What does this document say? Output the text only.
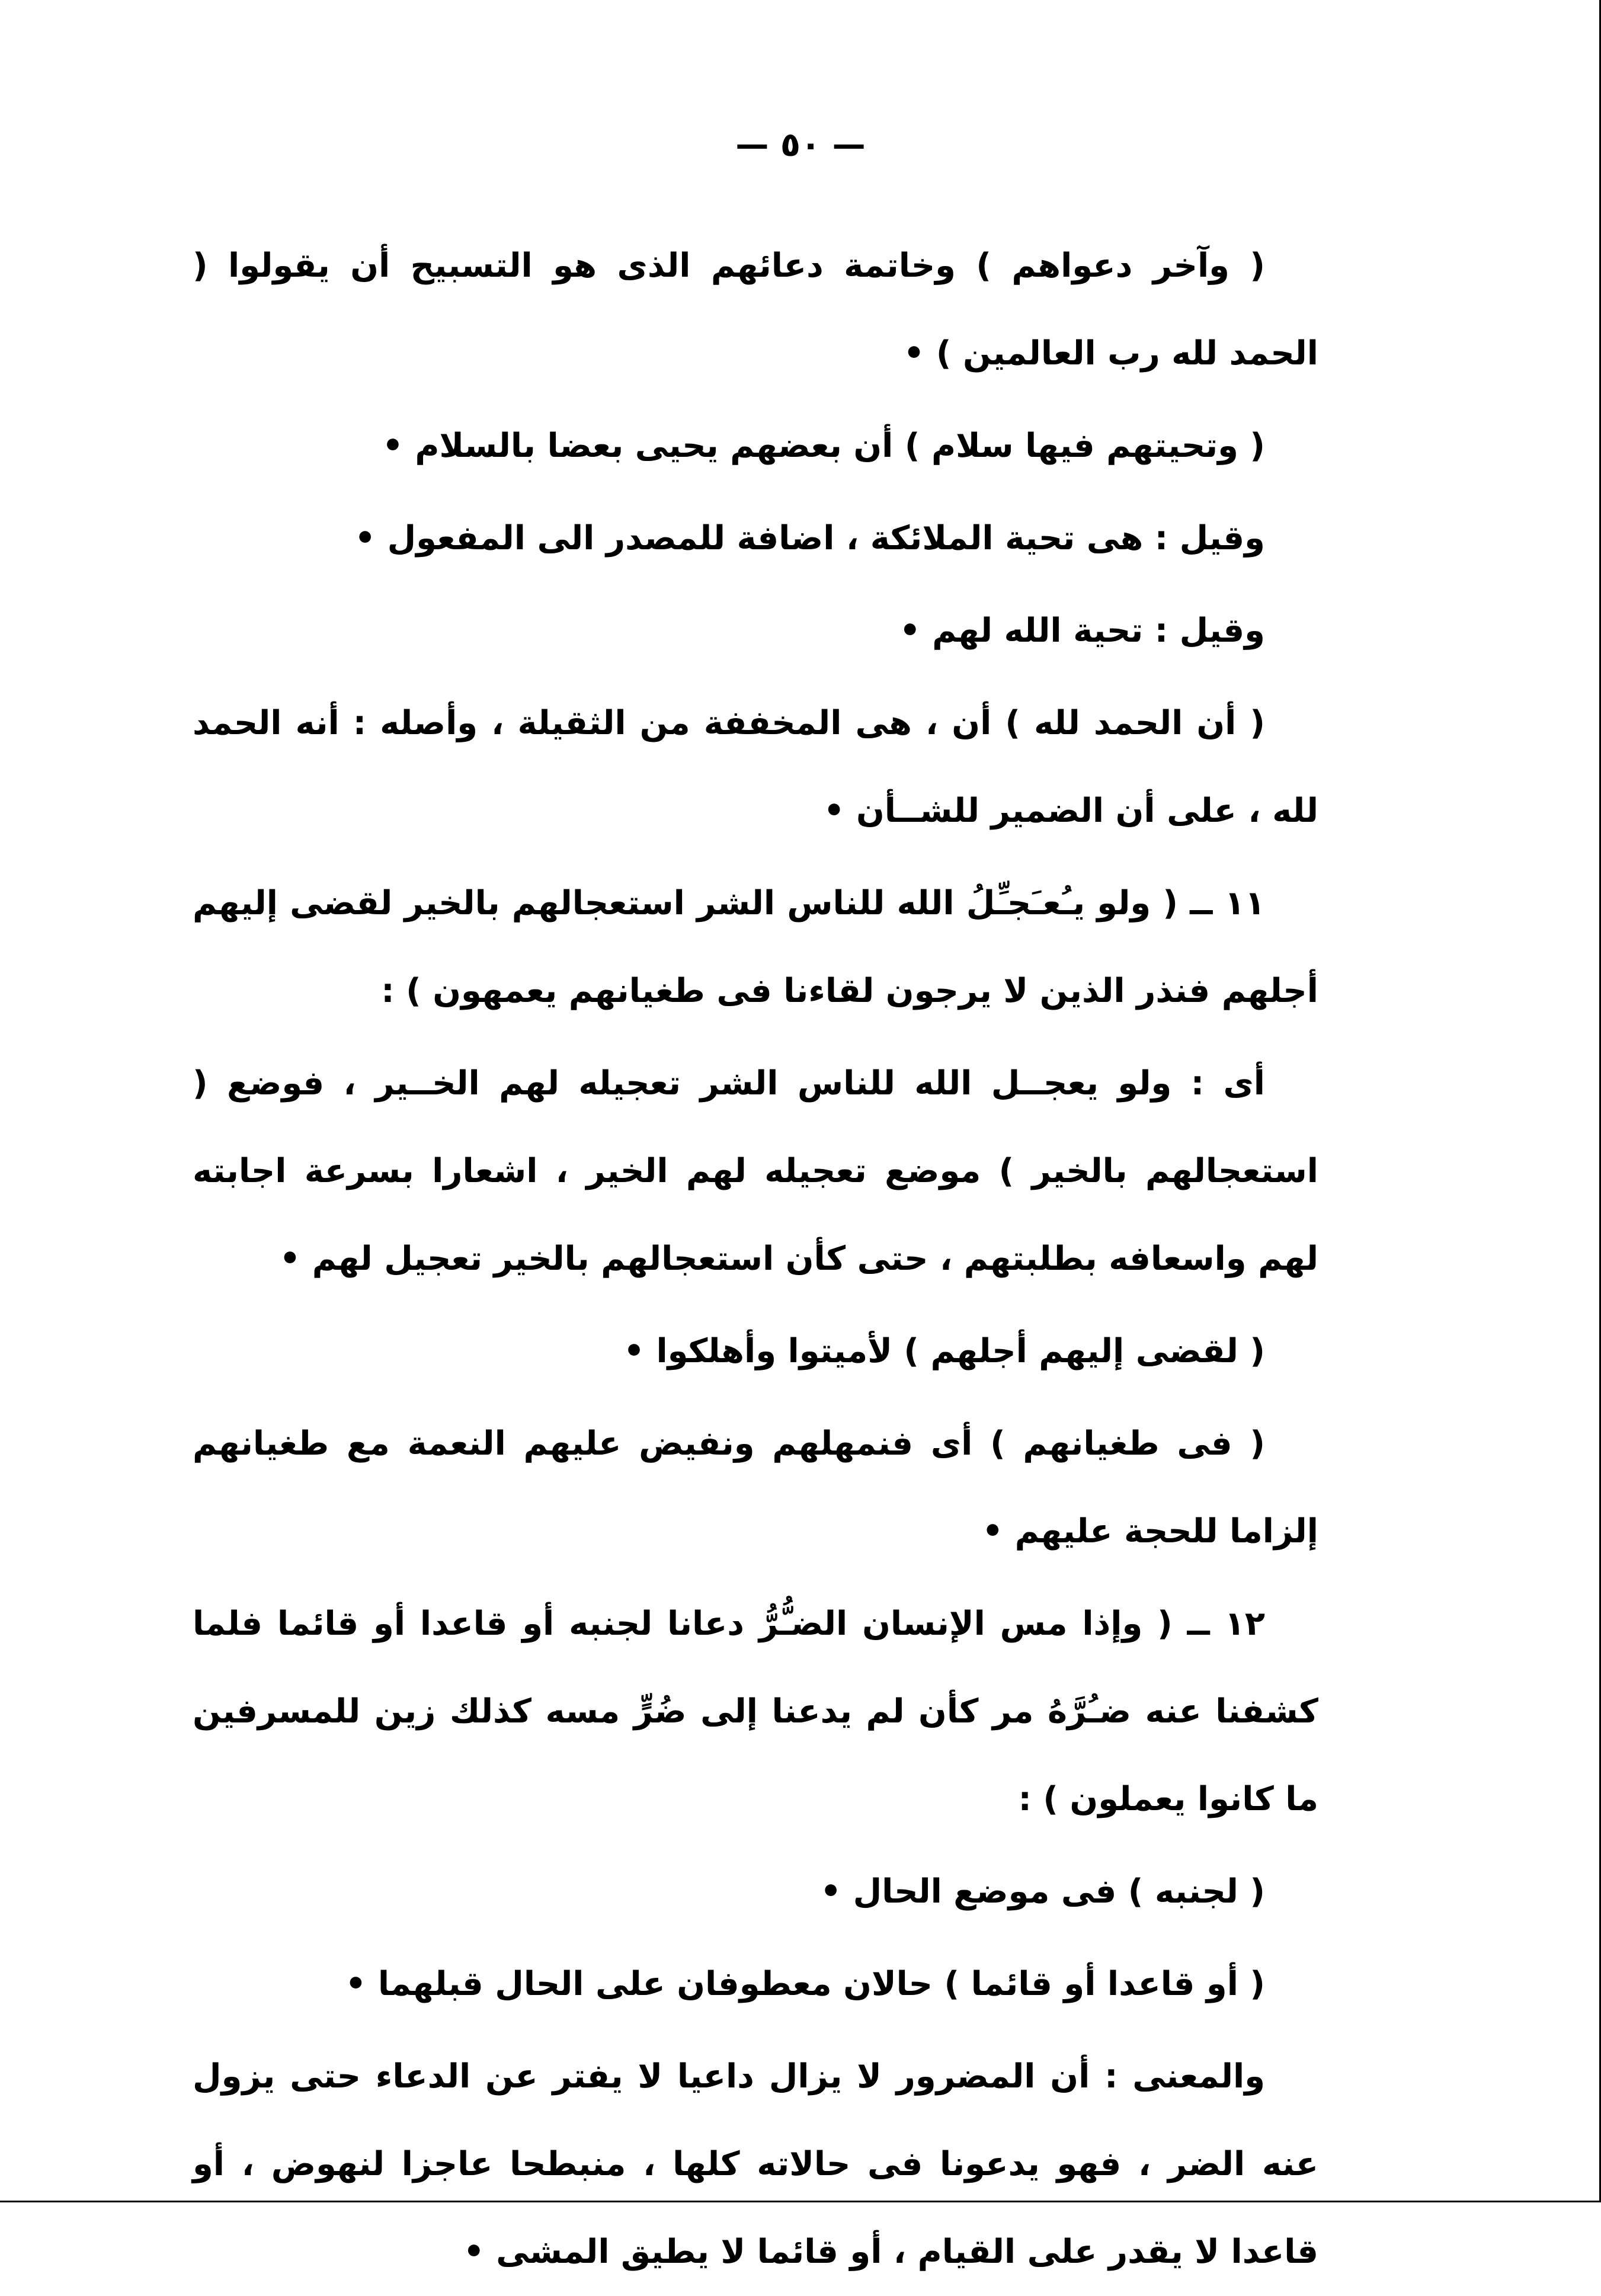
— ٥٠ —

( وآخر دعواهم ) وخاتمة دعائهم الذى هو التسبيح أن يقولوا ( الحمد لله رب العالمين ) •

( وتحيتهم فيها سلام ) أن بعضهم يحيى بعضا بالسلام •

وقيل : هى تحية الملائكة ، اضافة للمصدر الى المفعول •

وقيل : تحية الله لهم •

( أن الحمد لله ) أن ، هى المخففة من الثقيلة ، وأصله : أنه الحمد لله ، على أن الضمير للشــأن •

١١ ــ ( ولو يـُعـَجـِّلُ الله للناس الشر استعجالهم بالخير لقضى إليهم أجلهم فنذر الذين لا يرجون لقاءنا فى طغيانهم يعمهون ) :

أى : ولو يعجــل الله للناس الشر تعجيله لهم الخــير ، فوضع ( استعجالهم بالخير ) موضع تعجيله لهم الخير ، اشعارا بسرعة اجابته لهم واسعافه بطلبتهم ، حتى كأن استعجالهم بالخير تعجيل لهم •

( لقضى إليهم أجلهم ) لأميتوا وأهلكوا •

( فى طغيانهم ) أى فنمهلهم ونفيض عليهم النعمة مع طغيانهم إلزاما للحجة عليهم •

١٢ ــ ( وإذا مس الإنسان الضـُّرُّ دعانا لجنبه أو قاعدا أو قائما فلما كشفنا عنه ضـُرَّهُ مر كأن لم يدعنا إلى ضُرٍّ مسه كذلك زين للمسرفين ما كانوا يعملون ) :

( لجنبه ) فى موضع الحال •

( أو قاعدا أو قائما ) حالان معطوفان على الحال قبلهما •

والمعنى : أن المضرور لا يزال داعيا لا يفتر عن الدعاء حتى يزول عنه الضر ، فهو يدعونا فى حالاته كلها ، منبطحا عاجزا لنهوض ، أو قاعدا لا يقدر على القيام ، أو قائما لا يطيق المشى •
